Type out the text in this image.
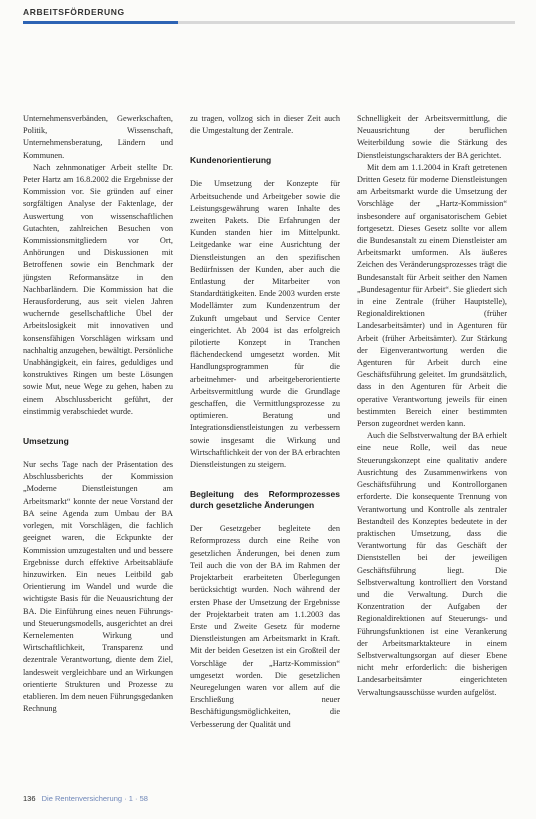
ARBEITSFÖRDERUNG

Unternehmensverbänden, Gewerkschaften, Politik, Wissenschaft, Unternehmensberatung, Ländern und Kommunen.

Nach zehnmonatiger Arbeit stellte Dr. Peter Hartz am 16.8.2002 die Ergebnisse der Kommission vor. Sie gründen auf einer sorgfältigen Analyse der Faktenlage, der Auswertung von wissenschaftlichen Gutachten, zahlreichen Besuchen von Kommissionsmitgliedern vor Ort, Anhörungen und Diskussionen mit Betroffenen sowie ein Benchmark der jüngsten Reformansätze in den Nachbarländern. Die Kommission hat die Herausforderung, aus seit vielen Jahren wuchernde gesellschaftliche Übel der Arbeitslosigkeit mit innovativen und konsensfähigen Vorschlägen wirksam und nachhaltig anzugehen, bewältigt. Persönliche Unabhängigkeit, ein faires, geduldiges und konstruktives Ringen um beste Lösungen sowie Mut, neue Wege zu gehen, haben zu einem Abschlussbericht geführt, der einstimmig verabschiedet wurde.

Umsetzung

Nur sechs Tage nach der Präsentation des Abschlussberichts der Kommission „Moderne Dienstleistungen am Arbeitsmarkt“ konnte der neue Vorstand der BA seine Agenda zum Umbau der BA vorlegen, mit Vorschlägen, die fachlich geeignet waren, die Eckpunkte der Kommission umzugestalten und und bessere Ergebnisse durch effektive Arbeitsabläufe hinzuwirken. Ein neues Leitbild gab Orientierung im Wandel und wurde die wichtigste Basis für die Neuausrichtung der BA. Die Einführung eines neuen Führungs- und Steuerungsmodells, ausgerichtet an drei Kernelementen Wirkung und Wirtschaftlichkeit, Transparenz und dezentrale Verantwortung, diente dem Ziel, landesweit vergleichbare und an Wirkungen orientierte Strukturen und Prozesse zu etablieren. Im dem neuen Führungsgedanken Rechnung

zu tragen, vollzog sich in dieser Zeit auch die Umgestaltung der Zentrale.

Kundenorientierung

Die Umsetzung der Konzepte für Arbeitsuchende und Arbeitgeber sowie die Leistungsgewährung waren Inhalte des zweiten Pakets. Die Erfahrungen der Kunden standen hier im Mittelpunkt. Leitgedanke war eine Ausrichtung der Dienstleistungen an den spezifischen Bedürfnissen der Kunden, aber auch die Entlastung der Mitarbeiter von Standardtätigkeiten. Ende 2003 wurden erste Modellämter zum Kundenzentrum der Zukunft umgebaut und Service Center eingerichtet. Ab 2004 ist das erfolgreich pilotierte Konzept in Tranchen flächendeckend umgesetzt worden. Mit Handlungsprogrammen für die arbeitnehmer- und arbeitgeberorientierte Arbeitsvermittlung wurde die Grundlage geschaffen, die Vermittlungsprozesse zu optimieren. Beratung und Integrationsdienstleistungen zu verbessern sowie insgesamt die Wirkung und Wirtschaftlichkeit der von der BA erbrachten Dienstleistungen zu steigern.

Begleitung des Reformprozesses durch gesetzliche Änderungen

Der Gesetzgeber begleitete den Reformprozess durch eine Reihe von gesetzlichen Änderungen, bei denen zum Teil auch die von der BA im Rahmen der Projektarbeit erarbeiteten Überlegungen berücksichtigt wurden. Noch während der ersten Phase der Umsetzung der Ergebnisse der Projektarbeit traten am 1.1.2003 das Erste und Zweite Gesetz für moderne Dienstleistungen am Arbeitsmarkt in Kraft. Mit der beiden Gesetzen ist ein Großteil der Vorschläge der „Hartz-Kommission“ umgesetzt worden. Die gesetzlichen Neuregelungen waren vor allem auf die Erschließung neuer Beschäftigungsmöglichkeiten, die Verbesserung der Qualität und

Schnelligkeit der Arbeitsvermittlung, die Neuausrichtung der beruflichen Weiterbildung sowie die Stärkung des Dienstleistungscharakters der BA gerichtet.

Mit dem am 1.1.2004 in Kraft getretenen Dritten Gesetz für moderne Dienstleistungen am Arbeitsmarkt wurde die Umsetzung der Vorschläge der „Hartz-Kommission“ insbesondere auf organisatorischem Gebiet fortgesetzt. Dieses Gesetz sollte vor allem die Bundesanstalt zu einem Dienstleister am Arbeitsmarkt umformen. Als äußeres Zeichen des Veränderungsprozesses trägt die Bundesanstalt für Arbeit seither den Namen „Bundesagentur für Arbeit“. Sie gliedert sich in eine Zentrale (früher Hauptstelle), Regionaldirektionen (früher Landesarbeitsämter) und in Agenturen für Arbeit (früher Arbeitsämter). Zur Stärkung der Eigenverantwortung werden die Agenturen für Arbeit durch eine Geschäftsführung geleitet. Im grundsätzlich, dass in den Agenturen für Arbeit die operative Verantwortung jeweils für einen bestimmten Bereich einer bestimmten Person zugeordnet werden kann.

Auch die Selbstverwaltung der BA erhielt eine neue Rolle, weil das neue Steuerungskonzept eine qualitativ andere Ausrichtung des Zusammenwirkens von Geschäftsführung und Kontrollorganen erforderte. Die konsequente Trennung von Verantwortung und Kontrolle als zentraler Bestandteil des Konzeptes bedeutete in der praktischen Umsetzung, dass die Verantwortung für das Geschäft der Dienststellen bei der jeweiligen Geschäftsführung liegt. Die Selbstverwaltung kontrolliert den Vorstand und die Verwaltung. Durch die Konzentration der Aufgaben der Regionaldirektionen auf Steuerungs- und Führungsfunktionen ist eine Verankerung der Arbeitsmarktakteure in einem Selbstverwaltungsorgan auf dieser Ebene nicht mehr erforderlich: die bisherigen Landesarbeitsämter eingerichteten Verwaltungsausschüsse wurden aufgelöst.

136 Die Rentenversicherung · 1 · 58
